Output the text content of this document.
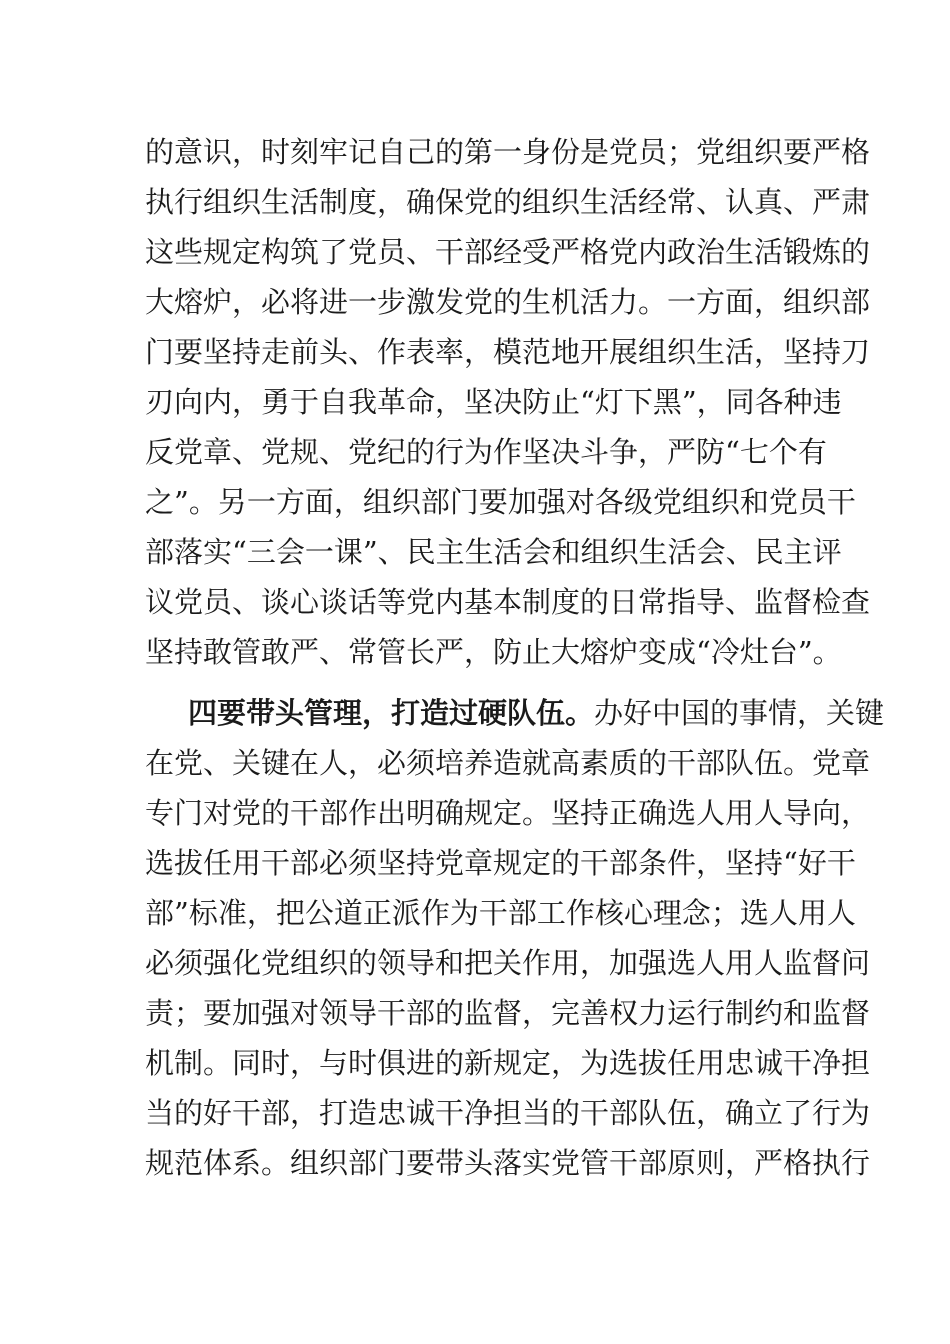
的意识，时刻牢记自己的第一身份是党员；党组织要严格
执行组织生活制度，确保党的组织生活经常、认真、严肃
这些规定构筑了党员、干部经受严格党内政治生活锻炼的
大熔炉，必将进一步激发党的生机活力。一方面，组织部
门要坚持走前头、作表率，模范地开展组织生活，坚持刀
刃向内，勇于自我革命，坚决防止“灯下黑”，同各种违
反党章、党规、党纪的行为作坚决斗争，严防“七个有
之”。另一方面，组织部门要加强对各级党组织和党员干
部落实“三会一课”、民主生活会和组织生活会、民主评
议党员、谈心谈话等党内基本制度的日常指导、监督检查
坚持敢管敢严、常管长严，防止大熔炉变成“冷灶台”。
四要带头管理，打造过硬队伍。办好中国的事情，关键
在党、关键在人，必须培养造就高素质的干部队伍。党章
专门对党的干部作出明确规定。坚持正确选人用人导向，
选拔任用干部必须坚持党章规定的干部条件，坚持“好干
部”标准，把公道正派作为干部工作核心理念；选人用人
必须强化党组织的领导和把关作用，加强选人用人监督问
责；要加强对领导干部的监督，完善权力运行制约和监督
机制。同时，与时俱进的新规定，为选拔任用忠诚干净担
当的好干部，打造忠诚干净担当的干部队伍，确立了行为
规范体系。组织部门要带头落实党管干部原则，严格执行
